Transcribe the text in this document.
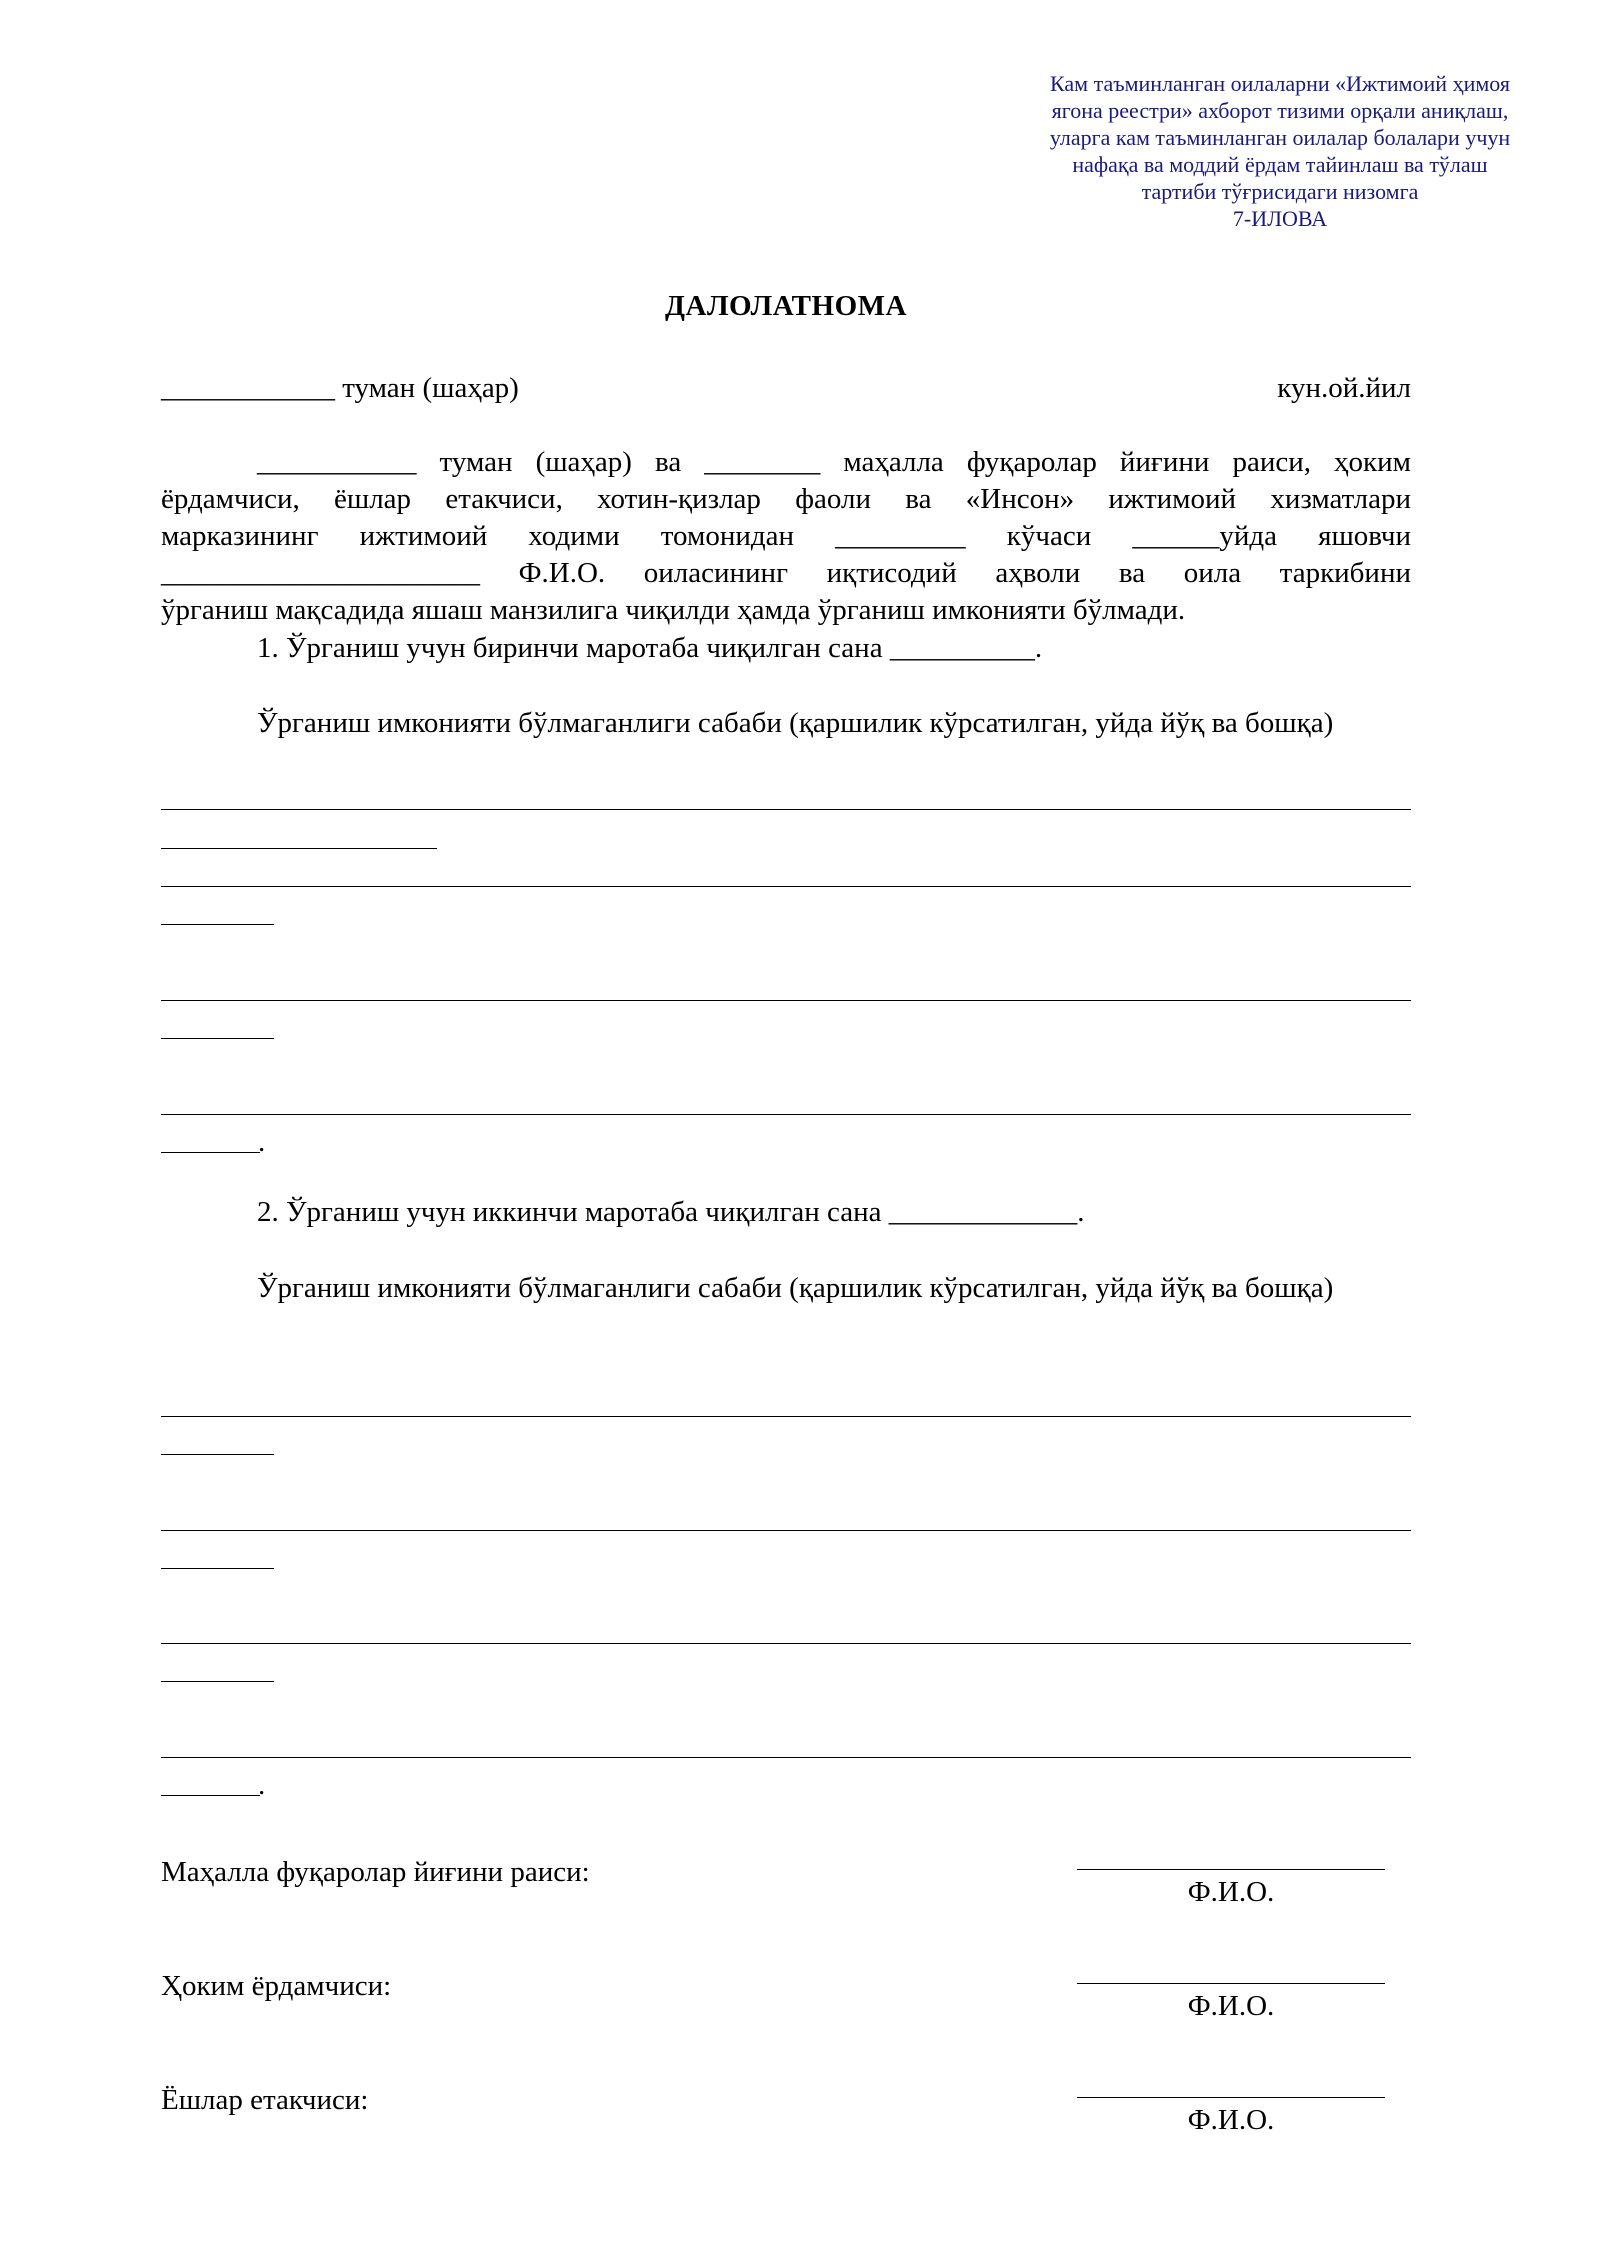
Кам таъминланган оилаларни «Ижтимоий ҳимоя
ягона реестри» ахборот тизими орқали аниқлаш,
уларга кам таъминланган оилалар болалари учун
нафақа ва моддий ёрдам тайинлаш ва тўлаш
тартиби тўғрисидаги низомга
7-ИЛОВА
ДАЛОЛАТНОМА
____________ туман (шаҳар)	кун.ой.йил
___________ туман (шаҳар) ва ________ маҳалла фуқаролар йиғини раиси, ҳоким
ёрдамчиси, ёшлар етакчиси, хотин-қизлар фаоли ва «Инсон» ижтимоий хизматлари
марказининг ижтимоий ходими томонидан _________ кўчаси ______уйда яшовчи
______________________ Ф.И.О. оиласининг иқтисодий аҳволи ва оила таркибини
ўрганиш мақсадида яшаш манзилига чиқилди ҳамда ўрганиш имконияти бўлмади.
1. Ўрганиш учун биринчи маротаба чиқилган сана __________.
Ўрганиш имконияти бўлмаганлиги сабаби (қаршилик кўрсатилган, уйда йўқ ва бошқа)
.
2. Ўрганиш учун иккинчи маротаба чиқилган сана _____________.
Ўрганиш имконияти бўлмаганлиги сабаби (қаршилик кўрсатилган, уйда йўқ ва бошқа)
.
Маҳалла фуқаролар йиғини раиси:
Ф.И.О.
Ҳоким ёрдамчиси:
Ф.И.О.
Ёшлар етакчиси:
Ф.И.О.
